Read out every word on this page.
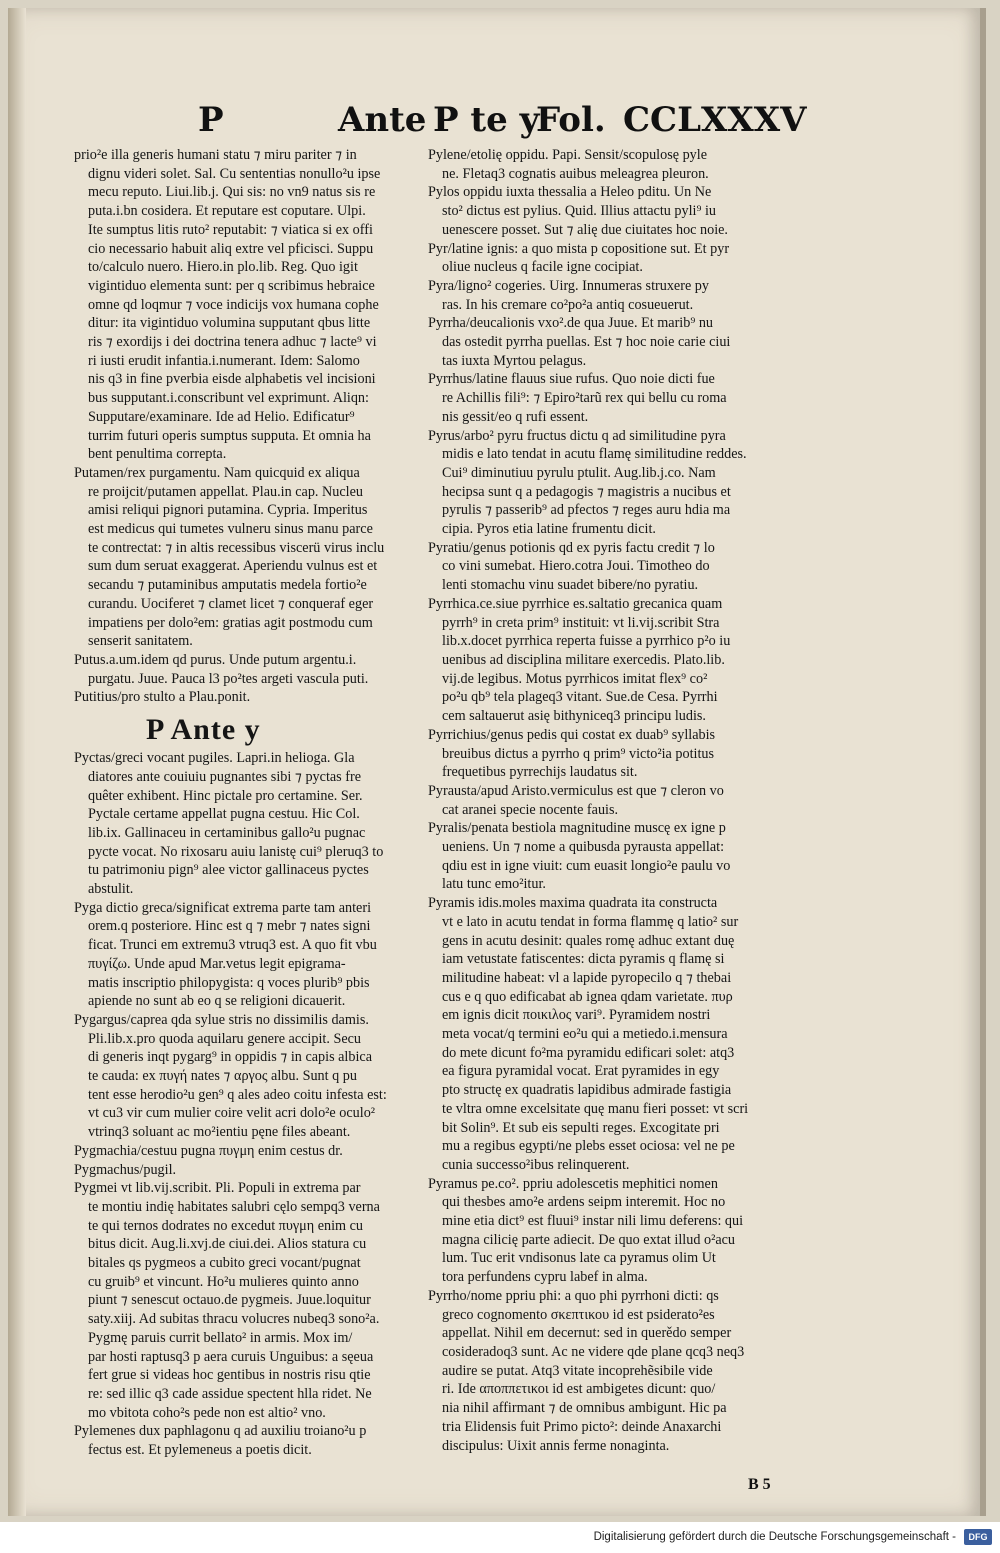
P	Ante P te y
Fol. CCLXXXV
prio²e illa generis humani statu ⁊ miru pariter ⁊ in
dignu videri solet. Sal. Cu sententias nonullo²u ipse
mecu reputo. Liui.lib.j. Qui sis: no vn9 natus sis re
puta.i.bn cosidera. Et reputare est coputare. Ulpi.
Ite sumptus litis ruto² reputabit: ⁊ viatica si ex offi
cio necessario habuit aliq extre vel pficisci. Suppu
to/calculo nuero. Hiero.in plo.lib. Reg. Quo igit
vigintiduo elementa sunt: per q scribimus hebraice
omne qd loqmur ⁊ voce indicijs vox humana cophe
ditur: ita vigintiduo volumina supputant qbus litte
ris ⁊ exordijs i dei doctrina tenera adhuc ⁊ lacte⁹ vi
ri iusti erudit infantia.i.numerant. Idem: Salomo
nis q3 in fine pverbia eisde alphabetis vel incisioni
bus supputant.i.conscribunt vel exprimunt. Aliqn:
Supputare/examinare. Ide ad Helio. Edificatur⁹
turrim futuri operis sumptus supputa. Et omnia ha
bent penultima correpta.
Putamen/rex purgamentu. Nam quicquid ex aliqua
re proijcit/putamen appellat. Plau.in cap. Nucleu
amisi reliqui pignori putamina. Cypria. Imperitus
est medicus qui tumetes vulneru sinus manu parce
te contrectat: ⁊ in altis recessibus viscerü virus inclu
sum dum seruat exaggerat. Aperiendu vulnus est et
secandu ⁊ putaminibus amputatis medela fortio²e
curandu. Uociferet ⁊ clamet licet ⁊ conqueraf eger
impatiens per dolo²em: gratias agit postmodu cum
senserit sanitatem.
Putus.a.um.idem qd purus. Unde putum argentu.i.
purgatu. Juue. Pauca l3 po²tes argeti vascula puti.
Putitius/pro stulto a Plau.ponit.
P Ante y
Pyctas/greci vocant pugiles. Lapri.in helioga. Gla
diatores ante couiuiu pugnantes sibi ⁊ pyctas fre
quêter exhibent. Hinc pictale pro certamine. Ser.
Pyctale certame appellat pugna cestuu. Hic Col.
lib.ix. Gallinaceu in certaminibus gallo²u pugnac
pycte vocat. No rixosaru auiu lanistę cui⁹ pleruq3 to
tu patrimoniu pign⁹ alee victor gallinaceus pyctes
abstulit.
Pyga dictio greca/significat extrema parte tam anteri
orem.q posteriore. Hinc est q ⁊ mebr ⁊ nates signi
ficat. Trunci em extremu3 vtruq3 est. A quo fit vbu
πυγίζω. Unde apud Mar.vetus legit epigrama-
matis inscriptio philopygista: q voces plurib⁹ pbis
apiende no sunt ab eo q se religioni dicauerit.
Pygargus/caprea qda sylue stris no dissimilis damis.
Pli.lib.x.pro quoda aquilaru genere accipit. Secu
di generis inqt pygarg⁹ in oppidis ⁊ in capis albica
te cauda: ex πυγή nates ⁊ αργος albu. Sunt q pu
tent esse herodio²u gen⁹ q ales adeo coitu infesta est:
vt cu3 vir cum mulier coire velit acri dolo²e oculo²
vtrinq3 soluant ac mo²ientiu pęne files abeant.
Pygmachia/cestuu pugna πυγμη enim cestus dr.
Pygmachus/pugil.
Pygmei vt lib.vij.scribit. Pli. Populi in extrema par
te montiu indię habitates salubri cęlo sempq3 verna
te qui ternos dodrates no excedut πυγμη enim cu
bitus dicit. Aug.li.xvj.de ciui.dei. Alios statura cu
bitales qs pygmeos a cubito greci vocant/pugnat
cu gruib⁹ et vincunt. Ho²u mulieres quinto anno
piunt ⁊ senescut octauo.de pygmeis. Juue.loquitur
saty.xiij. Ad subitas thracu volucres nubeq3 sono²a.
Pygmę paruis currit bellato² in armis. Mox im/
par hosti raptusq3 p aera curuis Unguibus: a sęeua
fert grue si videas hoc gentibus in nostris risu qtie
re: sed illic q3 cade assidue spectent hlla ridet. Ne
mo vbitota coho²s pede non est altio² vno.
Pylemenes dux paphlagonu q ad auxiliu troiano²u p
fectus est. Et pylemeneus a poetis dicit.
Pylene/etolię oppidu. Papi. Sensit/scopulosę pyle
ne. Fletaq3 cognatis auibus meleagrea pleuron.
Pylos oppidu iuxta thessalia a Heleo pditu. Un Ne
sto² dictus est pylius. Quid. Illius attactu pyli⁹ iu
uenescere posset. Sut ⁊ alię due ciuitates hoc noie.
Pyr/latine ignis: a quo mista p copositione sut. Et pyr
oliue nucleus q facile igne cocipiat.
Pyra/ligno² cogeries. Uirg. Innumeras struxere py
ras. In his cremare co²po²a antiq cosueuerut.
Pyrrha/deucalionis vxo².de qua Juue. Et marib⁹ nu
das ostedit pyrrha puellas. Est ⁊ hoc noie carie ciui
tas iuxta Myrtou pelagus.
Pyrrhus/latine flauus siue rufus. Quo noie dicti fue
re Achillis fili⁹: ⁊ Epiro²tarũ rex qui bellu cu roma
nis gessit/eo q rufi essent.
Pyrus/arbo² pyru fructus dictu q ad similitudine pyra
midis e lato tendat in acutu flamę similitudine reddes.
Cui⁹ diminutiuu pyrulu ptulit. Aug.lib.j.co. Nam
hecipsa sunt q a pedagogis ⁊ magistris a nucibus et
pyrulis ⁊ passerib⁹ ad pfectos ⁊ reges auru hdia ma
cipia. Pyros etia latine frumentu dicit.
Pyratiu/genus potionis qd ex pyris factu credit ⁊ lo
co vini sumebat. Hiero.cotra Joui. Timotheo do
lenti stomachu vinu suadet bibere/no pyratiu.
Pyrrhica.ce.siue pyrrhice es.saltatio grecanica quam
pyrrh⁹ in creta prim⁹ instituit: vt li.vij.scribit Stra
lib.x.docet pyrrhica reperta fuisse a pyrrhico p²o iu
uenibus ad disciplina militare exercedis. Plato.lib.
vij.de legibus. Motus pyrrhicos imitat flex⁹ co²
po²u qb⁹ tela plageq3 vitant. Sue.de Cesa. Pyrrhi
cem saltauerut asię bithyniceq3 principu ludis.
Pyrrichius/genus pedis qui costat ex duab⁹ syllabis
breuibus dictus a pyrrho q prim⁹ victo²ia potitus
frequetibus pyrrechijs laudatus sit.
Pyrausta/apud Aristo.vermiculus est que ⁊ cleron vo
cat aranei specie nocente fauis.
Pyralis/penata bestiola magnitudine muscę ex igne p
ueniens. Un ⁊ nome a quibusda pyrausta appellat:
qdiu est in igne viuit: cum euasit longio²e paulu vo
latu tunc emo²itur.
Pyramis idis.moles maxima quadrata ita constructa
vt e lato in acutu tendat in forma flammę q latio² sur
gens in acutu desinit: quales romę adhuc extant duę
iam vetustate fatiscentes: dicta pyramis q flamę si
militudine habeat: vl a lapide pyropecilo q ⁊ thebai
cus e q quo edificabat ab ignea qdam varietate. πυρ
em ignis dicit ποικιλος vari⁹. Pyramidem nostri
meta vocat/q termini eo²u qui a metiedo.i.mensura
do mete dicunt fo²ma pyramidu edificari solet: atq3
ea figura pyramidal vocat. Erat pyramides in egy
pto structę ex quadratis lapidibus admirade fastigia
te vltra omne excelsitate quę manu fieri posset: vt scri
bit Solin⁹. Et sub eis sepulti reges. Excogitate pri
mu a regibus egypti/ne plebs esset ociosa: vel ne pe
cunia successo²ibus relinquerent.
Pyramus pe.co². ppriu adolescetis mephitici nomen
qui thesbes amo²e ardens seipm interemit. Hoc no
mine etia dict⁹ est fluui⁹ instar nili limu deferens: qui
magna cilicię parte adiecit. De quo extat illud o²acu
lum. Tuc erit vndisonus late ca pyramus olim Ut
tora perfundens cypru labef in alma.
Pyrrho/nome ppriu phi: a quo phi pyrrhoni dicti: qs
greco cognomento σκεπτικου id est psiderato²es
appellat. Nihil em decernut: sed in querědo semper
cosideradoq3 sunt. Ac ne videre qde plane qcq3 neq3
audire se putat. Atq3 vitate incoprehẽsibile vide
ri. Ide αποππετικοι id est ambigetes dicunt: quo/
nia nihil affirmant ⁊ de omnibus ambigunt. Hic pa
tria Elidensis fuit Primo picto²: deinde Anaxarchi
discipulus: Uixit annis ferme nonaginta.
B 5
Digitalisierung gefördert durch die Deutsche Forschungsgemeinschaft -	DFG
